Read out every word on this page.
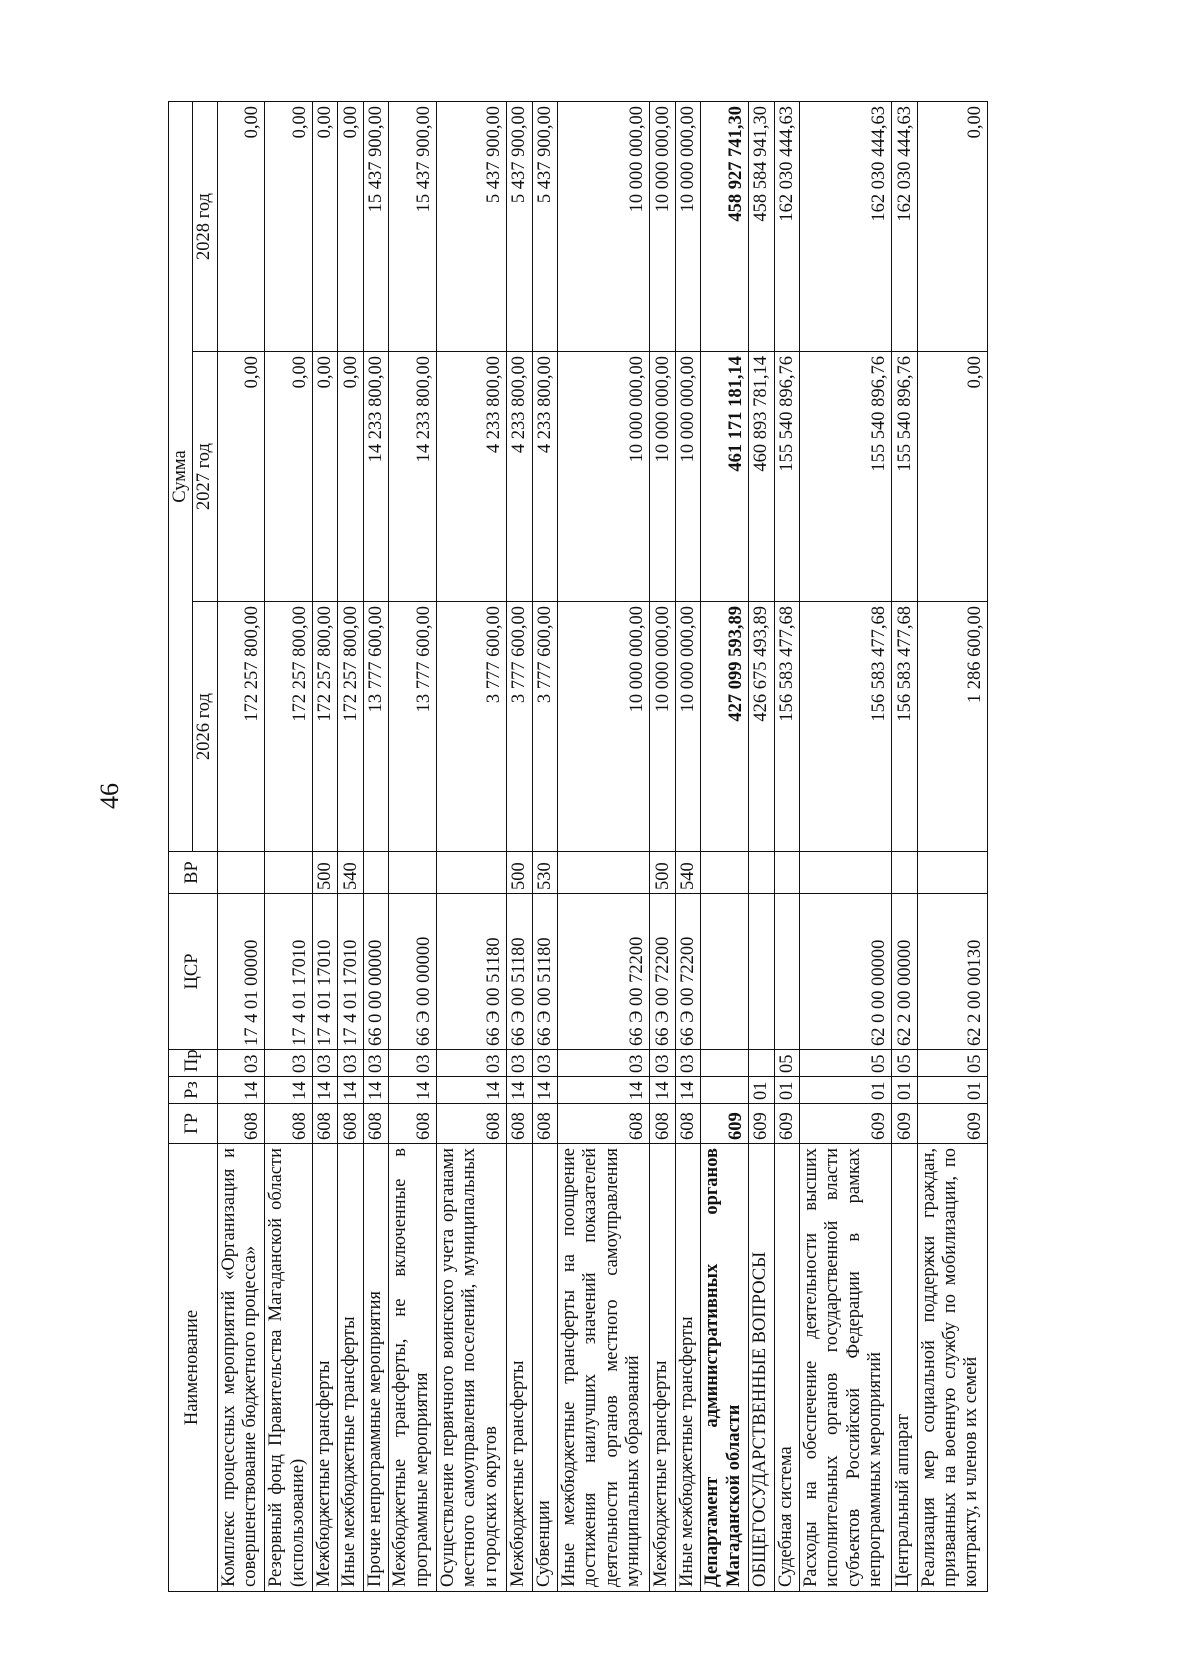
46
Наименование	ГР	Рз	Пр	ЦСР	ВР	Сумма		
						2026 год	2027 год	2028 год
Комплекс процессных мероприятий «Организация и совершенствование бюджетного процесса»	608	14	03	17 4 01 00000		172 257 800,00	0,00	0,00
Резервный фонд Правительства Магаданской области (использование)	608	14	03	17 4 01 17010		172 257 800,00	0,00	0,00
Межбюджетные трансферты	608	14	03	17 4 01 17010	500	172 257 800,00	0,00	0,00
Иные межбюджетные трансферты	608	14	03	17 4 01 17010	540	172 257 800,00	0,00	0,00
Прочие непрограммные мероприятия	608	14	03	66 0 00 00000		13 777 600,00	14 233 800,00	15 437 900,00
Межбюджетные трансферты, не включенные в программные мероприятия	608	14	03	66 Э 00 00000		13 777 600,00	14 233 800,00	15 437 900,00
Осуществление первичного воинского учета органами местного самоуправления поселений, муниципальных и городских округов	608	14	03	66 Э 00 51180		3 777 600,00	4 233 800,00	5 437 900,00
Межбюджетные трансферты	608	14	03	66 Э 00 51180	500	3 777 600,00	4 233 800,00	5 437 900,00
Субвенции	608	14	03	66 Э 00 51180	530	3 777 600,00	4 233 800,00	5 437 900,00
Иные межбюджетные трансферты на поощрение достижения наилучших значений показателей деятельности органов местного самоуправления муниципальных образований	608	14	03	66 Э 00 72200		10 000 000,00	10 000 000,00	10 000 000,00
Межбюджетные трансферты	608	14	03	66 Э 00 72200	500	10 000 000,00	10 000 000,00	10 000 000,00
Иные межбюджетные трансферты	608	14	03	66 Э 00 72200	540	10 000 000,00	10 000 000,00	10 000 000,00
Департамент административных органов Магаданской области	609					427 099 593,89	461 171 181,14	458 927 741,30
ОБЩЕГОСУДАРСТВЕННЫЕ ВОПРОСЫ	609	01				426 675 493,89	460 893 781,14	458 584 941,30
Судебная система	609	01	05			156 583 477,68	155 540 896,76	162 030 444,63
Расходы на обеспечение деятельности высших исполнительных органов государственной власти субъектов Российской Федерации в рамках непрограммных мероприятий	609	01	05	62 0 00 00000		156 583 477,68	155 540 896,76	162 030 444,63
Центральный аппарат	609	01	05	62 2 00 00000		156 583 477,68	155 540 896,76	162 030 444,63
Реализация мер социальной поддержки граждан, призванных на военную службу по мобилизации, по контракту, и членов их семей	609	01	05	62 2 00 00130		1 286 600,00	0,00	0,00
